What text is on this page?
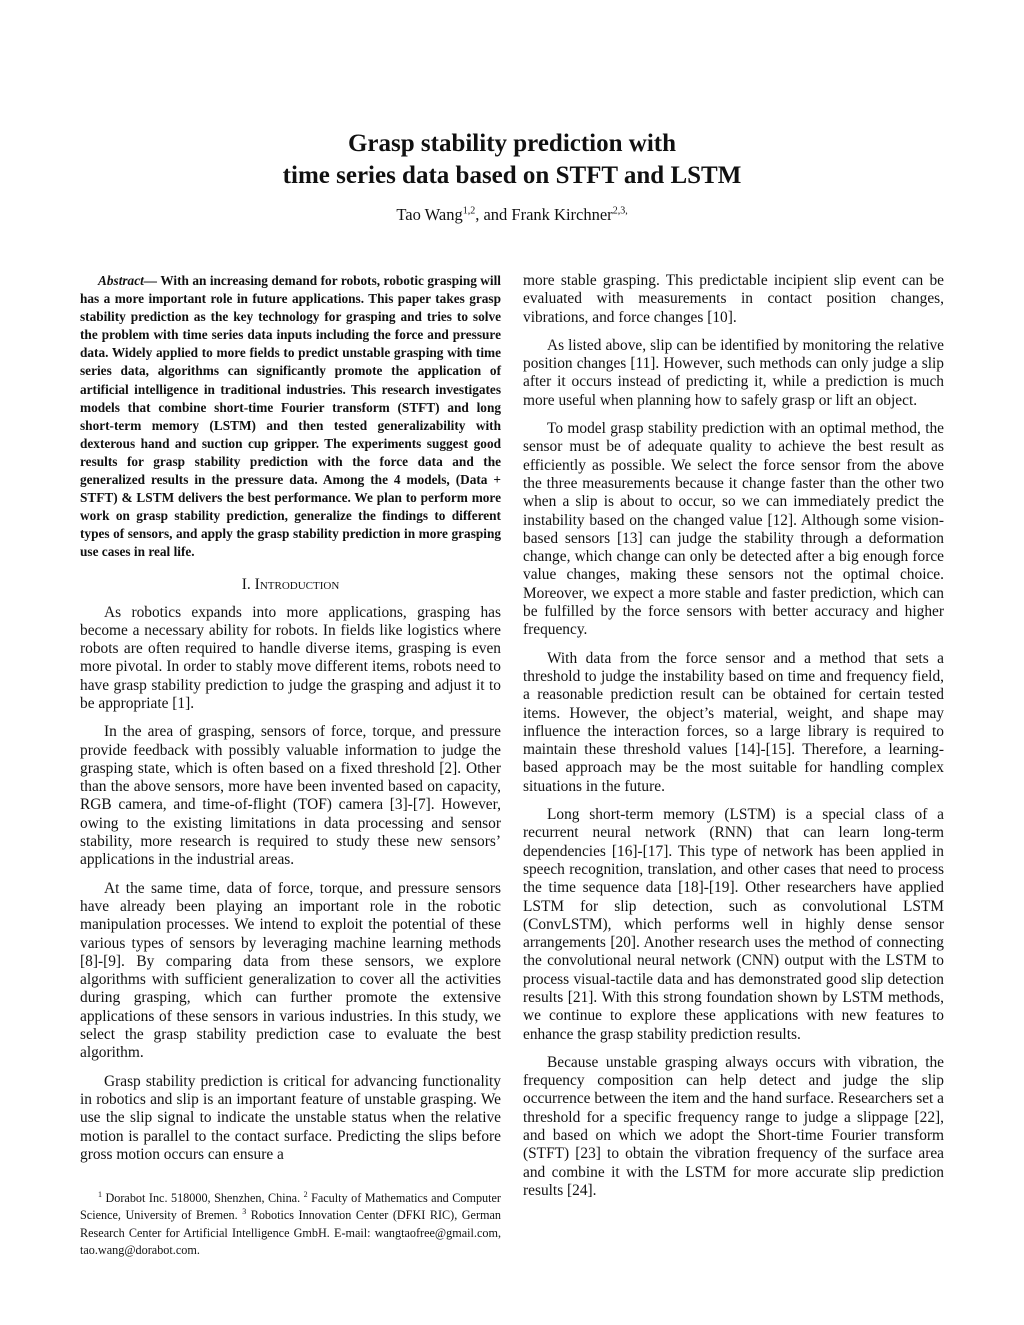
Grasp stability prediction with
time series data based on STFT and LSTM

Tao Wang$^{1,2}$, and Frank Kirchner$^{2,3,}$

Abstract— With an increasing demand for robots, robotic grasping will has a more important role in future applications. This paper takes grasp stability prediction as the key technology for grasping and tries to solve the problem with time series data inputs including the force and pressure data. Widely applied to more fields to predict unstable grasping with time series data, algorithms can significantly promote the application of artificial intelligence in traditional industries. This research investigates models that combine short-time Fourier transform (STFT) and long short-term memory (LSTM) and then tested generalizability with dexterous hand and suction cup gripper. The experiments suggest good results for grasp stability prediction with the force data and the generalized results in the pressure data. Among the 4 models, (Data + STFT) & LSTM delivers the best performance. We plan to perform more work on grasp stability prediction, generalize the findings to different types of sensors, and apply the grasp stability prediction in more grasping use cases in real life.

I. Introduction

As robotics expands into more applications, grasping has become a necessary ability for robots. In fields like logistics where robots are often required to handle diverse items, grasping is even more pivotal. In order to stably move different items, robots need to have grasp stability prediction to judge the grasping and adjust it to be appropriate [1].

In the area of grasping, sensors of force, torque, and pressure provide feedback with possibly valuable information to judge the grasping state, which is often based on a fixed threshold [2]. Other than the above sensors, more have been invented based on capacity, RGB camera, and time-of-flight (TOF) camera [3]-[7]. However, owing to the existing limitations in data processing and sensor stability, more research is required to study these new sensors’ applications in the industrial areas.

At the same time, data of force, torque, and pressure sensors have already been playing an important role in the robotic manipulation processes. We intend to exploit the potential of these various types of sensors by leveraging machine learning methods [8]-[9]. By comparing data from these sensors, we explore algorithms with sufficient generalization to cover all the activities during grasping, which can further promote the extensive applications of these sensors in various industries. In this study, we select the grasp stability prediction case to evaluate the best algorithm.

Grasp stability prediction is critical for advancing functionality in robotics and slip is an important feature of unstable grasping. We use the slip signal to indicate the unstable status when the relative motion is parallel to the contact surface. Predicting the slips before gross motion occurs can ensure a

$^1$ Dorabot Inc. 518000, Shenzhen, China. $^2$ Faculty of Mathematics and Computer Science, University of Bremen. $^3$ Robotics Innovation Center (DFKI RIC), German Research Center for Artificial Intelligence GmbH. E-mail: wangtaofree@gmail.com, tao.wang@dorabot.com.

more stable grasping. This predictable incipient slip event can be evaluated with measurements in contact position changes, vibrations, and force changes [10].

As listed above, slip can be identified by monitoring the relative position changes [11]. However, such methods can only judge a slip after it occurs instead of predicting it, while a prediction is much more useful when planning how to safely grasp or lift an object.

To model grasp stability prediction with an optimal method, the sensor must be of adequate quality to achieve the best result as efficiently as possible. We select the force sensor from the above the three measurements because it change faster than the other two when a slip is about to occur, so we can immediately predict the instability based on the changed value [12]. Although some vision-based sensors [13] can judge the stability through a deformation change, which change can only be detected after a big enough force value changes, making these sensors not the optimal choice. Moreover, we expect a more stable and faster prediction, which can be fulfilled by the force sensors with better accuracy and higher frequency.

With data from the force sensor and a method that sets a threshold to judge the instability based on time and frequency field, a reasonable prediction result can be obtained for certain tested items. However, the object’s material, weight, and shape may influence the interaction forces, so a large library is required to maintain these threshold values [14]-[15]. Therefore, a learning-based approach may be the most suitable for handling complex situations in the future.

Long short-term memory (LSTM) is a special class of a recurrent neural network (RNN) that can learn long-term dependencies [16]-[17]. This type of network has been applied in speech recognition, translation, and other cases that need to process the time sequence data [18]-[19]. Other researchers have applied LSTM for slip detection, such as convolutional LSTM (ConvLSTM), which performs well in highly dense sensor arrangements [20]. Another research uses the method of connecting the convolutional neural network (CNN) output with the LSTM to process visual-tactile data and has demonstrated good slip detection results [21]. With this strong foundation shown by LSTM methods, we continue to explore these applications with new features to enhance the grasp stability prediction results.

Because unstable grasping always occurs with vibration, the frequency composition can help detect and judge the slip occurrence between the item and the hand surface. Researchers set a threshold for a specific frequency range to judge a slippage [22], and based on which we adopt the Short-time Fourier transform (STFT) [23] to obtain the vibration frequency of the surface area and combine it with the LSTM for more accurate slip prediction results [24].
